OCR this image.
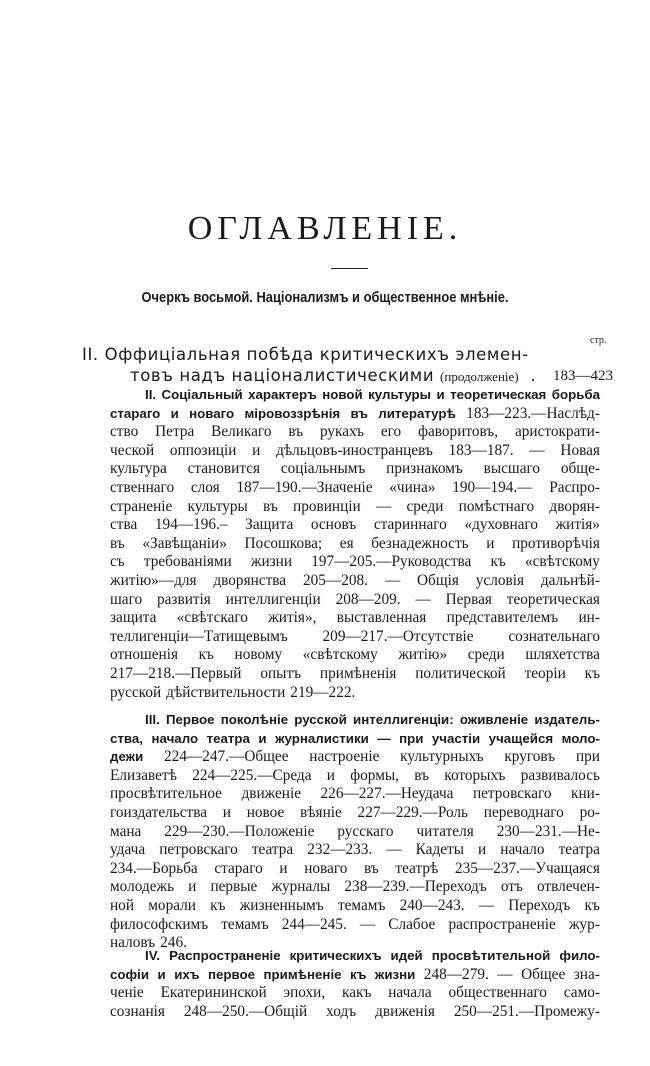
ОГЛАВЛЕНІЕ.
Очеркъ восьмой. Націонализмъ и общественное мнѣніе.
стр.
II. Оффиціальная побѣда критическихъ элемен-
товъ надъ націоналистическими (продолженіе) . 183—423
II. Соціальный характеръ новой культуры и теоретическая борьба
стараго и новаго міровоззрѣнія въ литературѣ 183—223.—Наслѣд-
ство Петра Великаго въ рукахъ его фаворитовъ, аристократи-
ческой оппозиціи и дѣльцовъ-иностранцевъ 183—187. — Новая
культура становится соціальнымъ признакомъ высшаго обще-
ственнаго слоя 187—190.—Значеніе «чина» 190—194.— Распро-
страненіе культуры въ провинціи — среди помѣстнаго дворян-
ства 194—196.– Защита основъ стариннаго «духовнаго житія»
въ «Завѣщаніи» Посошкова; ея безнадежность и противорѣчія
съ требованіями жизни 197—205.—Руководства къ «свѣтскому
житію»—для дворянства 205—208. — Общія условія дальнѣй-
шаго развитія интеллигенціи 208—209. — Первая теоретическая
защита «свѣтскаго житія», выставленная представителемъ ин-
теллигенціи—Татищевымъ 209—217.—Отсутствіе сознательнаго
отношенія къ новому «свѣтскому житію» среди шляхетства
217—218.—Первый опытъ примѣненія политической теоріи къ
русской дѣйствительности 219—222.
III. Первое поколѣніе русской интеллигенціи: оживленіе издатель-
ства, начало театра и журналистики — при участіи учащейся моло-
дежи 224—247.—Общее настроеніе культурныхъ круговъ при
Елизаветѣ 224—225.—Среда и формы, въ которыхъ развивалось
просвѣтительное движеніе 226—227.—Неудача петровскаго кни-
гоиздательства и новое вѣяніе 227—229.—Роль переводнаго ро-
мана 229—230.—Положеніе русскаго читателя 230—231.—Не-
удача петровскаго театра 232—233. — Кадеты и начало театра
234.—Борьба стараго и новаго въ театрѣ 235—237.—Учащаяся
молодежь и первые журналы 238—239.—Переходъ отъ отвлечен-
ной морали къ жизненнымъ темамъ 240—243. — Переходъ къ
философскимъ темамъ 244—245. — Слабое распространеніе жур-
наловъ 246.
IV. Распространеніе критическихъ идей просвѣтительной фило-
софіи и ихъ первое примѣненіе къ жизни 248—279. — Общее зна-
ченіе Екатерининской эпохи, какъ начала общественнаго само-
сознанія 248—250.—Общій ходъ движенія 250—251.—Промежу-
